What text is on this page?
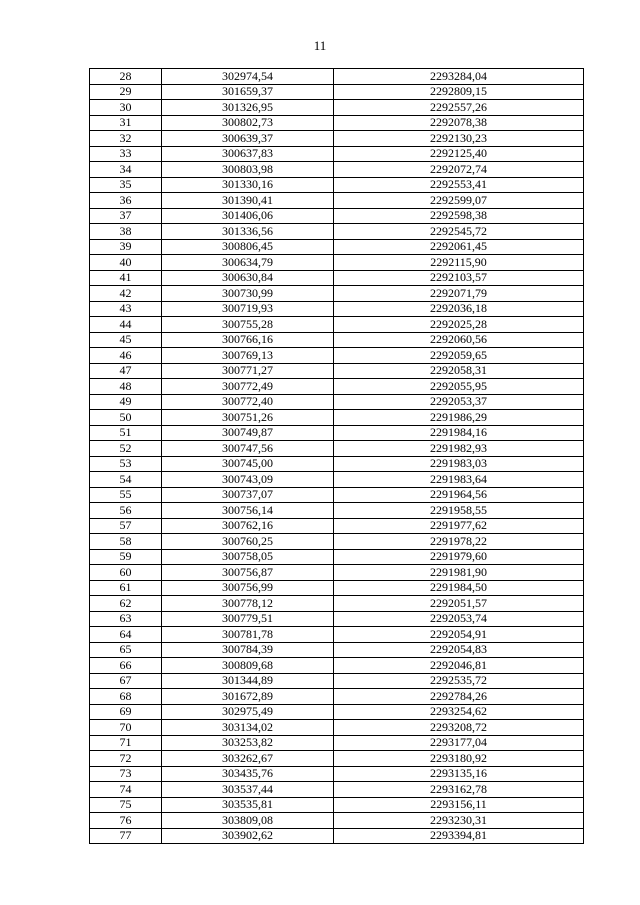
11
28	302974,54	2293284,04
29	301659,37	2292809,15
30	301326,95	2292557,26
31	300802,73	2292078,38
32	300639,37	2292130,23
33	300637,83	2292125,40
34	300803,98	2292072,74
35	301330,16	2292553,41
36	301390,41	2292599,07
37	301406,06	2292598,38
38	301336,56	2292545,72
39	300806,45	2292061,45
40	300634,79	2292115,90
41	300630,84	2292103,57
42	300730,99	2292071,79
43	300719,93	2292036,18
44	300755,28	2292025,28
45	300766,16	2292060,56
46	300769,13	2292059,65
47	300771,27	2292058,31
48	300772,49	2292055,95
49	300772,40	2292053,37
50	300751,26	2291986,29
51	300749,87	2291984,16
52	300747,56	2291982,93
53	300745,00	2291983,03
54	300743,09	2291983,64
55	300737,07	2291964,56
56	300756,14	2291958,55
57	300762,16	2291977,62
58	300760,25	2291978,22
59	300758,05	2291979,60
60	300756,87	2291981,90
61	300756,99	2291984,50
62	300778,12	2292051,57
63	300779,51	2292053,74
64	300781,78	2292054,91
65	300784,39	2292054,83
66	300809,68	2292046,81
67	301344,89	2292535,72
68	301672,89	2292784,26
69	302975,49	2293254,62
70	303134,02	2293208,72
71	303253,82	2293177,04
72	303262,67	2293180,92
73	303435,76	2293135,16
74	303537,44	2293162,78
75	303535,81	2293156,11
76	303809,08	2293230,31
77	303902,62	2293394,81
